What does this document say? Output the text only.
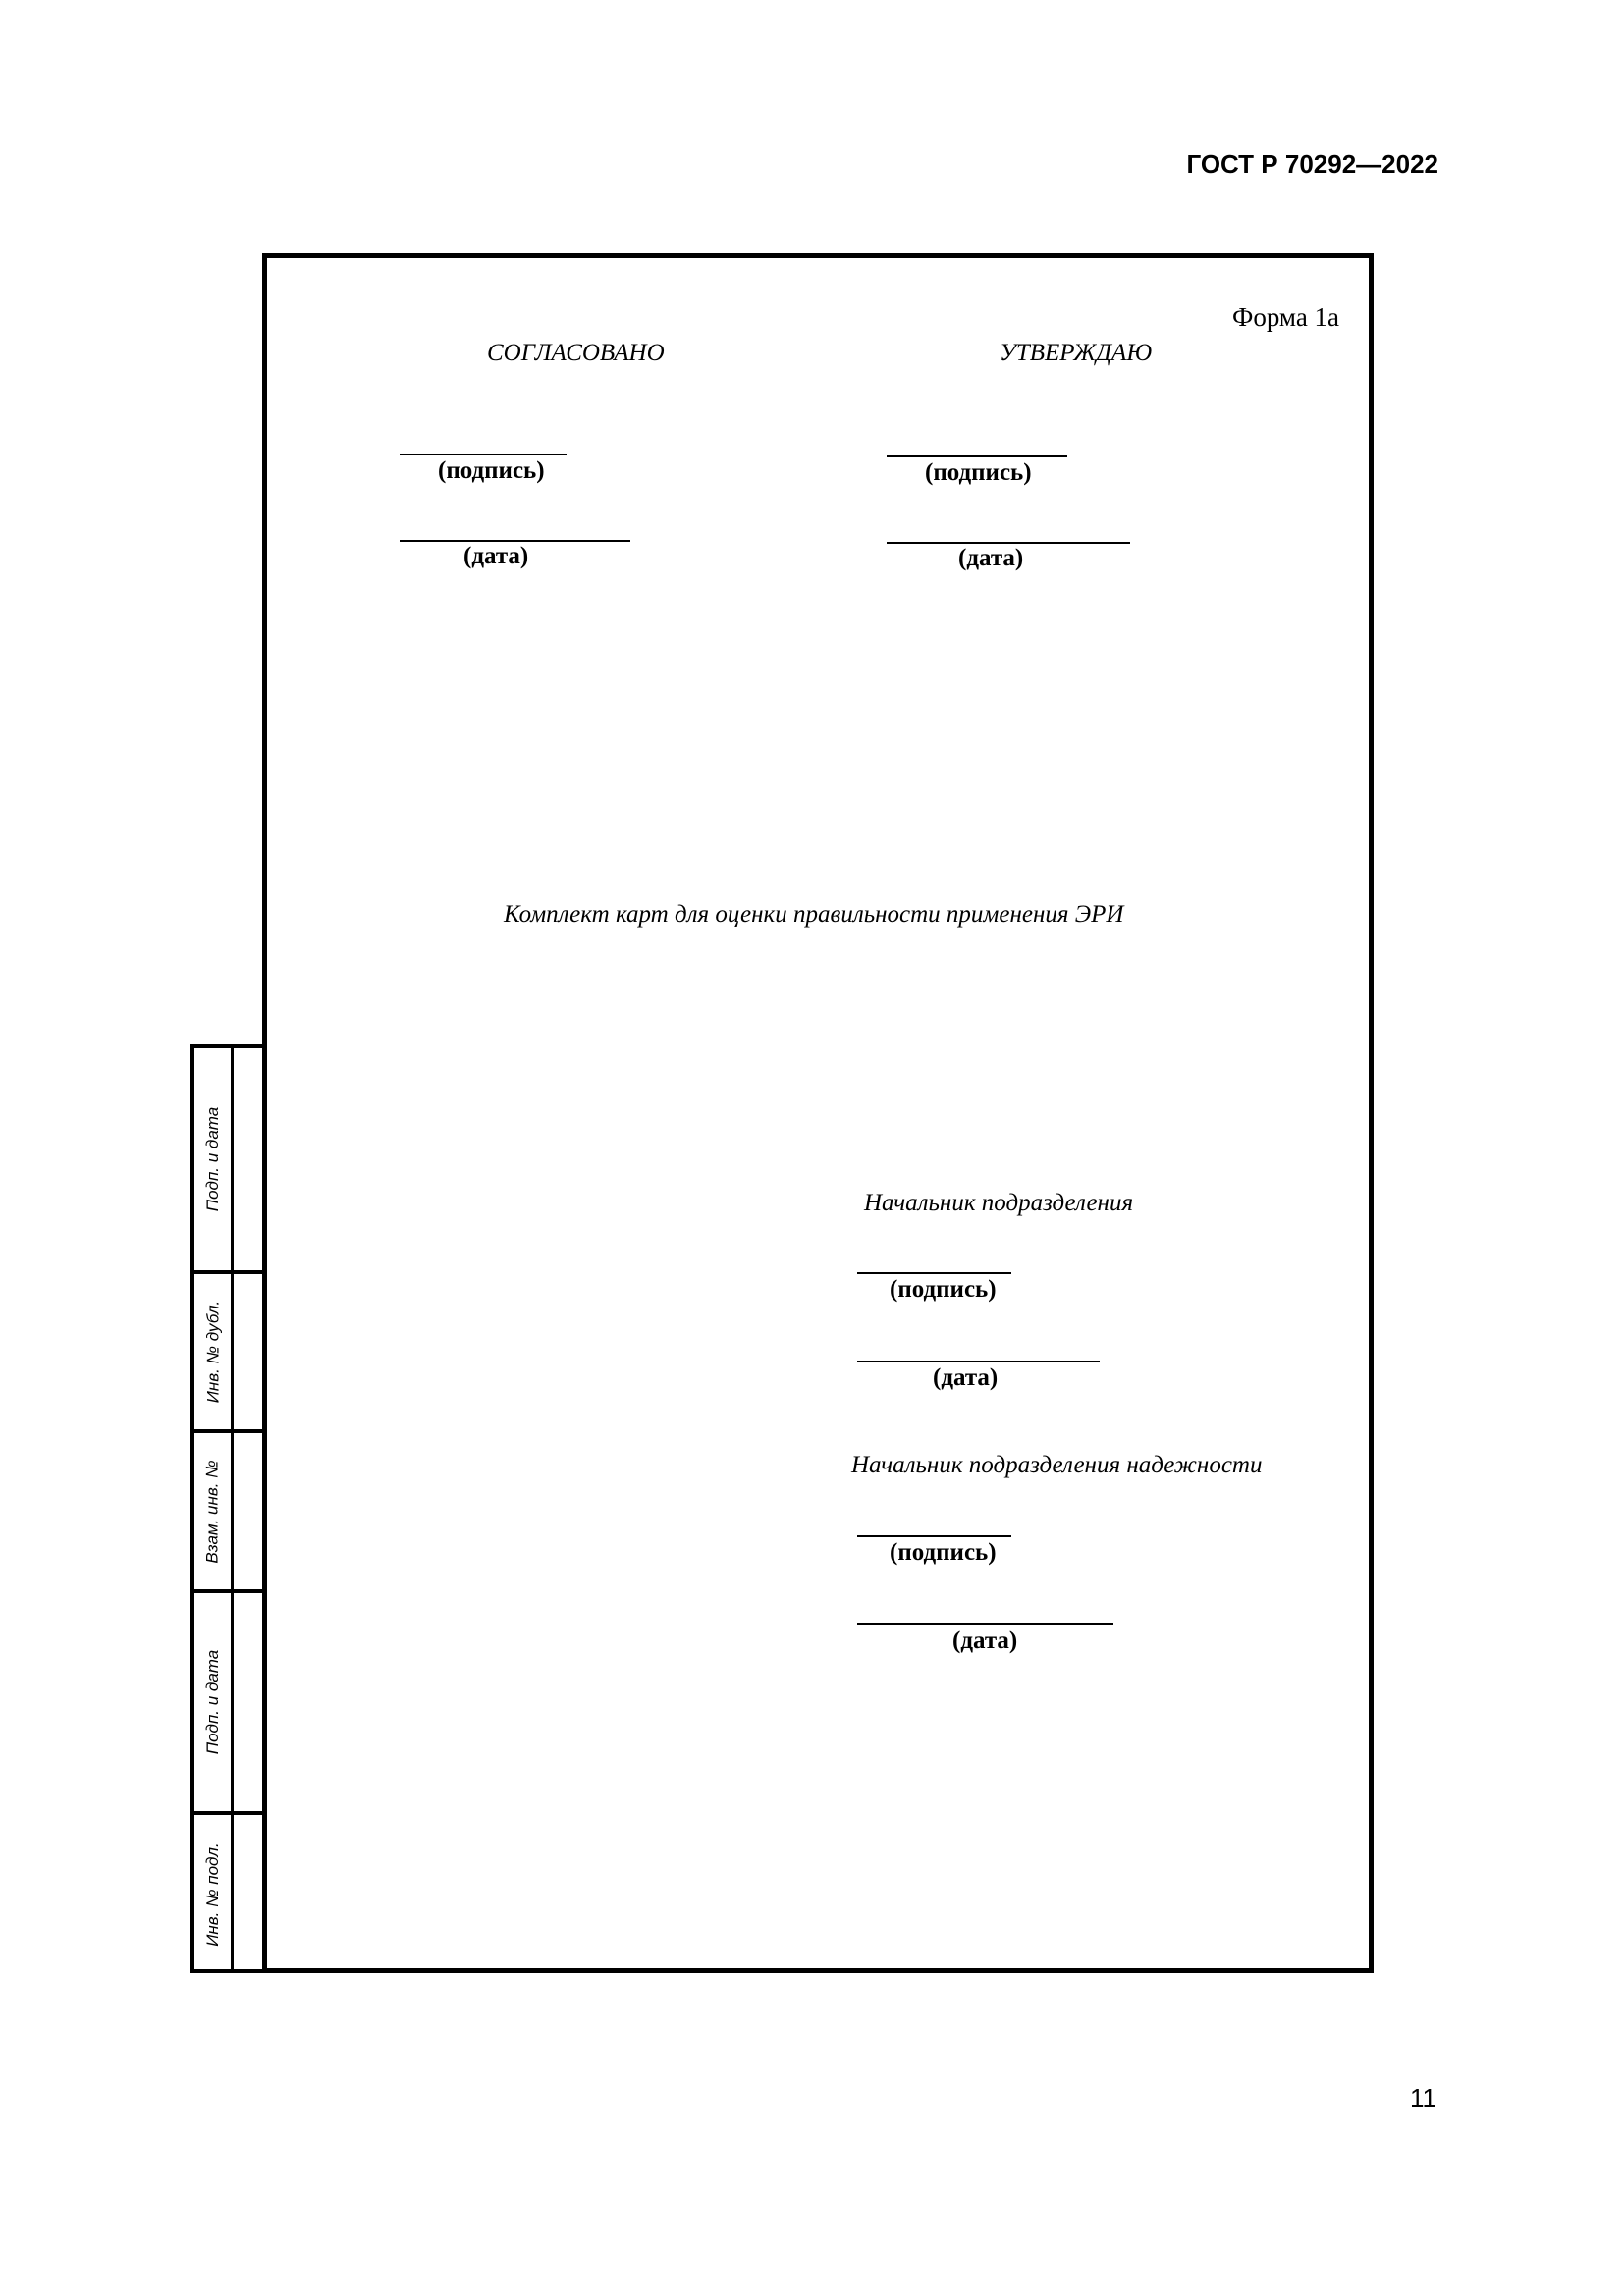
ГОСТ Р 70292—2022
Форма 1а
СОГЛАСОВАНО
(подпись)
(дата)
УТВЕРЖДАЮ
(подпись)
(дата)
Комплект карт для оценки правильности применения ЭРИ
Начальник подразделения
(подпись)
(дата)
Начальник подразделения надежности
(подпись)
(дата)
Подп. и дата
Инв. № дубл.
Взам. инв. №
Подп. и дата
Инв. № подл.
11
